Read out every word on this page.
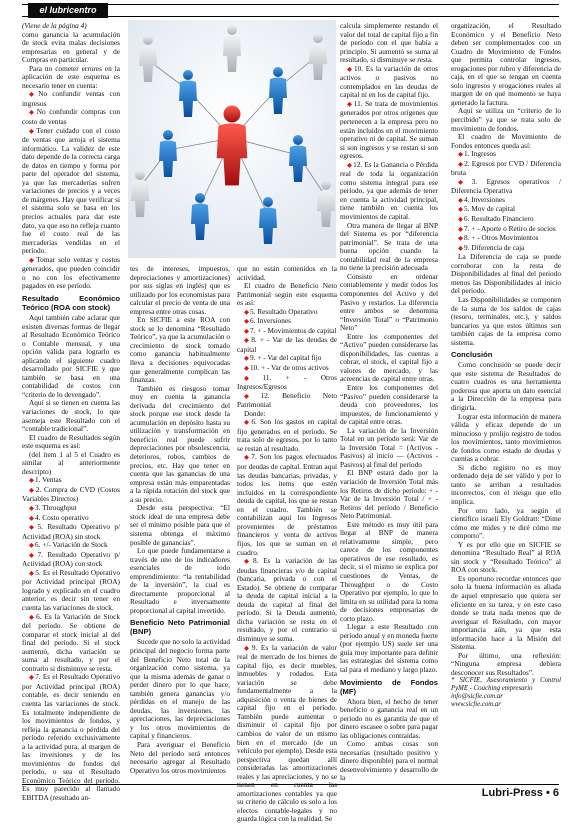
el lubricentro

(Viene de la página 4)

como ganancia la acumulación de stock evita malas decisiones empresarias en general y de Compras en particular.

Para no cometer errores en la aplicación de este esquema es necesario tener en cuenta:

◆No confundir ventas con ingresos

◆No confundir compras con costo de ventas

◆Tener cuidado con el costo de ventas que arroja el sistema informático. La validez de este dato depende de la correcta carga de datos en tiempo y forma por parte del operador del sistema, ya que las mercaderías sufren variaciones de precios y a veces de márgenes. Hay que verificar si el sistema solo se basa en los precios actuales para dar este dato, ya que eso no refleja cuanto fue el costo real de las mercaderías vendidas en el período.

◆Tomar solo ventas y costos generados, que pueden coincidir o no con los efectivamente pagados en ese período.

Resultado Económico Teórico (ROA con stock)

Aquí también cabe aclarar que existen diversas formas de llegar al Resultado Económico Teórico o Contable mensual, y una opción válida para lograrlo es aplicando el siguiente cuadro desarrollado por SICFIE y que también se basa en una contabilidad de costos con “criterio de lo devengado”.

Aquí si se tienen en cuenta las variaciones de stock, lo que asemeja este Resultado con el “contable tradicional”.

El cuadro de Resultados según este esquema es así:

(del ítem 1 al 5 el Cuadro es similar al anteriormente descripto)

◆1. Ventas

◆2. Compra de CVD (Costos Variables Directos)

◆3. Throughput

◆4. Costo operativo

◆5. Resultado Operativo p/ Actividad (ROA) sin stock

◆6. +/- Variación de Stock

◆7. Resultado Operativo p/ Actividad (ROA) con stock

◆5. Es el Resultado Operativo por Actividad principal (ROA) logrado y explicado en el cuadro anterior, es decir sin tener en cuenta las variaciones de stock.

◆6. Es la Variación de Stock del período. Se obtiene de comparar el stock inicial al del final del período. Si el stock aumentó, dicha variación se suma al resultado, y por el contrario si disminuye se resta.

◆7. Es el Resultado Operativo por Actividad principal (ROA) contable, es decir teniendo en cuenta las variaciones de stock. Es totalmente independiente de los movimientos de fondos, y refleja la ganancia o pérdida del período referido exclusivamente a la actividad pura, al margen de las inversiones y de los movimientos de fondos del período, o sea el Resultado Económico Teórico del período. Es muy parecido al llamado EBITDA (resultado an-

tes de intereses, impuestos, depreciaciones y amortizaciones) por sus siglas en inglés) que es utilizado por los economistas para calcular el precio de venta de una empresa entre otras cosas.

En SICFIE a este ROA con stock se lo denomina “Resultado Teórico”, ya que la acumulación o crecimiento de stock tomado como ganancia habitualmente lleva a decisiones equivocadas que generalmente complican las finanzas.

También es riesgoso tomar muy en cuenta la ganancia derivada del crecimiento del stock porque ese stock desde la acumulación en depósito hasta su utilización y transformación en beneficio real puede sufrir depreciaciones por obsolescencia, deterioros, robos, cambios de precios, etc. Hay que tener en cuenta que las ganancias de una empresa están más emparentadas a la rápida rotación del stock que a su precio.

Desde esta perspectiva: “El stock ideal de una empresa debe ser el mínimo posible para que el sistema obtenga el máximo posible de ganancias”.

Lo que puede fundamentarse a través de uno de los indicadores esenciales de todo emprendimiento: “la rentabilidad de la inversión”, la cual es directamente proporcional al Resultado e inversamente proporcional al capital invertido.

Beneficio Neto Patrimonial (BNP)

Sucede que no solo la actividad principal del negocio forma parte del Beneficio Neto total de la organización como sistema, ya que la misma además de ganar o perder dinero por lo que hace, también genera ganancias y/o pérdidas en el manejo de las deudas, las inversiones, las apreciaciones, las depreciaciones y los otros movimientos de capital y financieros.

Para averiguar el Beneficio Neto del período será entonces necesario agregar al Resultado Operativo los otros movimientos

que no están contenidos en la actividad.

El cuadro de Beneficio Neto Patrimonial según este esquema es así:

◆5. Resultado Operativo

◆6. Inversiones

◆7. + - Movimientos de capital

◆8. + - Var de las deudas de capital

◆9. + - Var del capital fijo

◆10. + - Var de otros activos

◆11. + - Otros Ingresos/Egresos

◆12. Beneficio Neto Patrimonial

Donde:

◆6. Son los gastos en capital fijo generados en el período. Se trata solo de egresos, por lo tanto se restan al resultado.

◆7. Son los pagos efectuados por deudas de capital. Entran aquí las deudas bancarias, privadas, y todos los ítems que estén incluidos en la correspondiente deuda de capital, los que se restan en el cuadro. También se contabilizan aquí los Ingresos provenientes de préstamos financieros y venta de activos fijos, los que se suman en el cuadro.

◆8. Es la variación de las deudas financieras y/o de capital (bancaria, privada o con el Estado). Se obtiene de comparar la deuda de capital inicial a la deuda de capital al final del período. Si la Deuda aumentó, dicha variación se resta en el resultado, y por el contrario si disminuye se suma.

◆9. Es la variación de valor real de mercado de los bienes de capital fijo, es decir muebles, inmuebles y rodados. Esta variación se debe fundamentalmente a la adquisición o venta de bienes de capital fijo en el período. También puede aumentar o disminuir el capital fijo por cambios de valor de un mismo bien en el mercado (de un vehículo por ejemplo). Desde esta perspectiva quedan allí consideradas las amortizaciones reales y las apreciaciones, y no se tienen en cuenta las amortizaciones contables ya que su criterio de cálculo es solo a los efectos contable-legales y no guarda lógica con la realidad. Se

calcula simplemente restando el valor del total de capital fijo a fin de período con el que había a principio. Si aumentó se suma al resultado, si disminuye se resta.

◆10. Es la variación de otros activos o pasivos no contemplados en las deudas de capital ni en los de capital fijo.

◆11. Se trata de movimientos generados por otros orígenes que pertenecen a la empresa pero no están incluidos en el movimiento operativo ni de capital. Se suman si son ingresos y se restan si son egresos.

◆12. Es la Ganancia o Pérdida real de toda la organización como sistema integral para ese período, ya que además de tener en cuenta la actividad principal, tiene también en cuenta los movimientos de capital.

Otra manera de llegar al BNP del Sistema es por “diferencia patrimonial”. Se trata de una buena opción cuando la contabilidad real de la empresa no tiene la precisión adecuada

Consiste en ordenar contablemente y medir todos los componentes del Activo y del Pasivo y restarlos. La diferencia entre ambos se denomina “Inversión Total” o “Patrimonio Neto”

Entre los componentes del “Activo” pueden considerarse las disponibilidades, las cuentas a cobrar, el stock, el capital fijo a valores de mercado, y las acreencias de capital entre otras.

Entre los componentes del “Pasivo” pueden considerarse la deuda con proveedores, los impuestos, de funcionamiento y de capital entre otras.

La variación de la Inversión Total en un período será: Var de la Inversión Total = (Activos - Pasivos) al inicio — (Activos - Pasivos) al final del período

El BNP estará dado por la variación de Inversión Total más los Retiros de dicho período: + - Var de la Inversión Total / + - Retiros del período / Beneficio Neto Patrimonial.

Este método es muy útil para llegar al BNP de manera relativamente simple, pero carece de los componentes operativos de ese resultado, es decir, si el mismo se explica por cuestiones de Ventas, de Throughput o de Costo Operativo por ejemplo, lo que lo limita en su utilidad para la toma de decisiones empresarias de corto plazo.

Llegar a este Resultado con período anual y en moneda fuerte (por ejemplo US) suele ser una guía muy importante para definir las estrategias del sistema como tal para el mediano y largo plazo.

Movimiento de Fondos (MF)

Ahora bien, el hecho de tener beneficio o ganancia real en un período no es garantía de que el dinero escasee o sobre para pagar las obligaciones contraídas.

Como ambas cosas son necesarias (resultado positivo y dinero disponible) para el normal desenvolvimiento y desarrollo de la

organización, el Resultado Económico y el Beneficio Neto deben ser complementados con un Cuadro de Movimiento de Fondos que permita controlar ingresos, erogaciones por rubro y diferencia de caja, en el que se tengan en cuenta solo ingresos y erogaciones reales al margen de en qué momento se haya generado la factura.

Aquí se utiliza un “criterio de lo percibido” ya que se trata solo de movimiento de fondos.

El cuadro de Movimiento de Fondos entonces queda así:

◆1. Ingresos

◆2. Egresos por CVD / Diferencia bruta

◆3. Egresos operativos / Diferencia Operativa

◆4. Inversiones

◆5. Mov de capital

◆6. Resultado Financiero

◆7. + - Aporte o Retiro de socios

◆8. + - Otros Movimientos

◆9. Diferencia de caja

La Diferencia de caja se puede corroborar con la resta de Disponibilidades al final del período menos las Disponibilidades al inicio del período.

Las Disponibilidades se componen de la suma de los saldos de cajas (tesoro, terminales, etc.), y saldos bancarios ya que estos últimos son también cajas de la empresa como sistema.

Conclusión

Como conclusión se puede decir que este sistema de Resultados de cuatro cuadros es una herramienta poderosa que aporta un dato esencial a la Dirección de la empresa para dirigirla.

Lograr esta información de manera válida y eficaz depende de un minucioso y prolijo registro de todos los movimientos, tanto movimientos de fondos como estado de deudas y cuentas a cobrar.

Si dicho registro no es muy ordenado deja de ser válido y por lo tanto se arriban a resultados incorrectos, con el riesgo que ello implica.

Por otro lado, ya según el científico israelí Ely Goldratt: “Dime cómo me mides y te diré cómo me comporto”.

Y es por ello que en SICFIE se denomina “Resultado Real” al ROA sin stock y “Resultado Teórico” al ROA con stock.

Es oportuno recordar entonces que solo la buena información es aliada de aquel empresario que quiera ser eficiente en su tarea, y en este caso donde se trata nada menos que de averiguar el Resultado, con mayor importancia aún, ya que esta información hace a la Misión del Sistema.

Por último, una reflexión: “Ninguna empresa debiera desconocer sus Resultados”.

* SICFIE, Asesoramiento y Control PyME - Coaching empresario

info@sicfie.com.ar

www.sicfie.com.ar

Lubri-Press • 6
